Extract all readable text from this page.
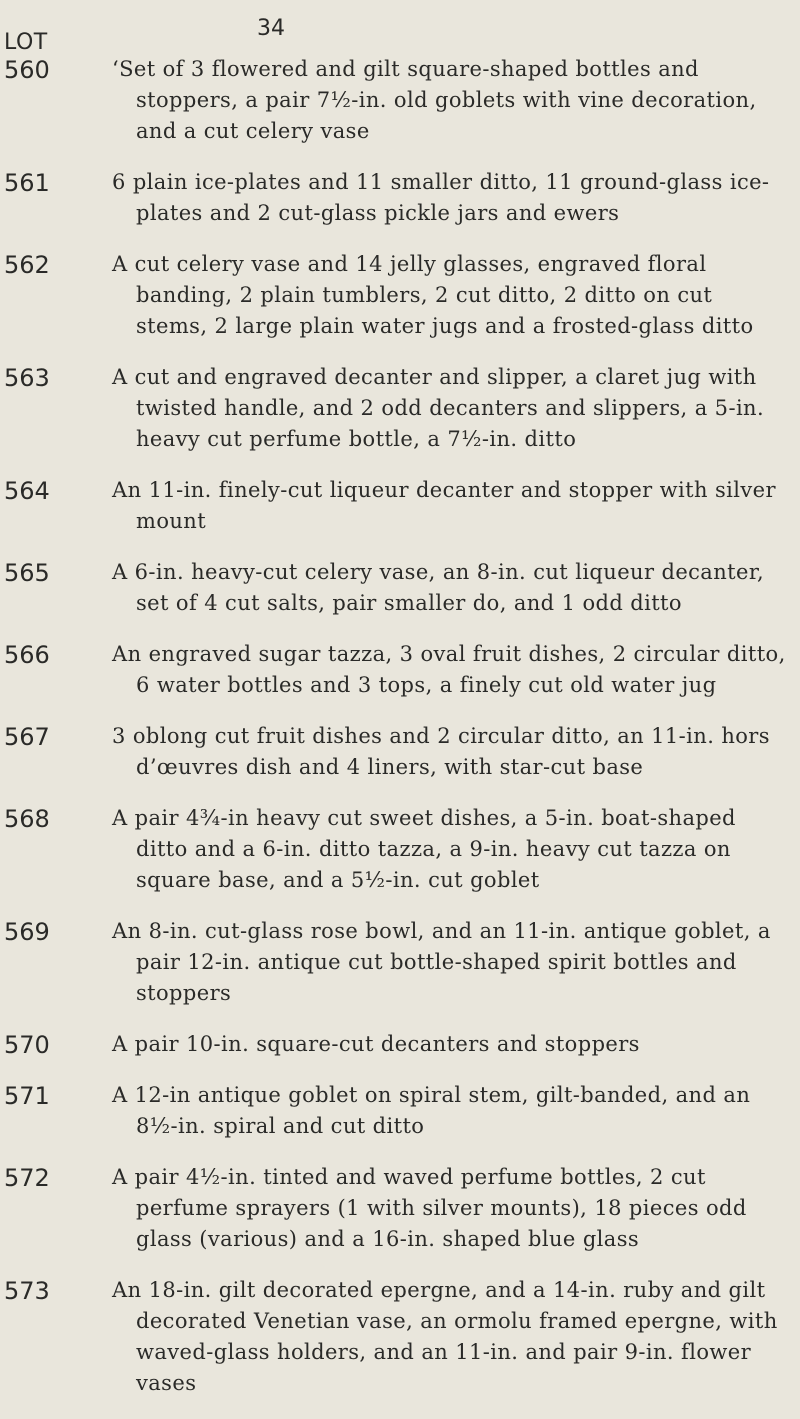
LOT
34
560	‘Set of 3 flowered and gilt square-shaped bottles and stoppers, a pair 7½-in. old goblets with vine decoration, and a cut celery vase
561	6 plain ice-plates and 11 smaller ditto, 11 ground-glass ice-plates and 2 cut-glass pickle jars and ewers
562	A cut celery vase and 14 jelly glasses, engraved floral banding, 2 plain tumblers, 2 cut ditto, 2 ditto on cut stems, 2 large plain water jugs and a frosted-glass ditto
563	A cut and engraved decanter and slipper, a claret jug with twisted handle, and 2 odd decanters and slippers, a 5-in. heavy cut perfume bottle, a 7½-in. ditto
564	An 11-in. finely-cut liqueur decanter and stopper with silver mount
565	A 6-in. heavy-cut celery vase, an 8-in. cut liqueur decanter, set of 4 cut salts, pair smaller do, and 1 odd ditto
566	An engraved sugar tazza, 3 oval fruit dishes, 2 circular ditto, 6 water bottles and 3 tops, a finely cut old water jug
567	3 oblong cut fruit dishes and 2 circular ditto, an 11-in. hors d’œuvres dish and 4 liners, with star-cut base
568	A pair 4¾-in heavy cut sweet dishes, a 5-in. boat-shaped ditto and a 6-in. ditto tazza, a 9-in. heavy cut tazza on square base, and a 5½-in. cut goblet
569	An 8-in. cut-glass rose bowl, and an 11-in. antique goblet, a pair 12-in. antique cut bottle-shaped spirit bottles and stoppers
570	A pair 10-in. square-cut decanters and stoppers
571	A 12-in antique goblet on spiral stem, gilt-banded, and an 8½-in. spiral and cut ditto
572	A pair 4½-in. tinted and waved perfume bottles, 2 cut perfume sprayers (1 with silver mounts), 18 pieces odd glass (various) and a 16-in. shaped blue glass
573	An 18-in. gilt decorated epergne, and a 14-in. ruby and gilt decorated Venetian vase, an ormolu framed epergne, with waved-glass holders, and an 11-in. and pair 9-in. flower vases
